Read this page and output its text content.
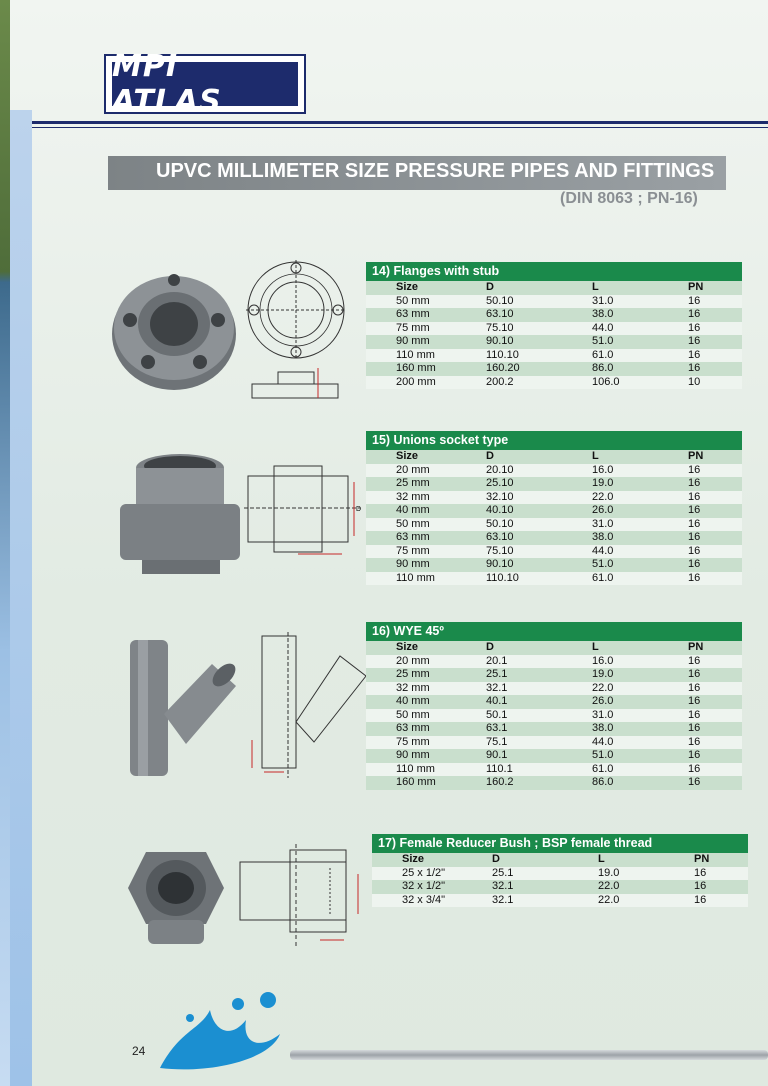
MPI ATLAS
UPVC MILLIMETER SIZE PRESSURE PIPES AND FITTINGS
(DIN 8063 ; PN-16)
14) Flanges with stub
Size	D	L	PN
50 mm	50.10	31.0	16
63 mm	63.10	38.0	16
75 mm	75.10	44.0	16
90 mm	90.10	51.0	16
110 mm	110.10	61.0	16
160 mm	160.20	86.0	16
200 mm	200.2	106.0	10
D
15) Unions socket type
Size	D	L	PN
20 mm	20.10	16.0	16
25 mm	25.10	19.0	16
32 mm	32.10	22.0	16
40 mm	40.10	26.0	16
50 mm	50.10	31.0	16
63 mm	63.10	38.0	16
75 mm	75.10	44.0	16
90 mm	90.10	51.0	16
110 mm	110.10	61.0	16
16) WYE 45º
Size	D	L	PN
20 mm	20.1	16.0	16
25 mm	25.1	19.0	16
32 mm	32.1	22.0	16
40 mm	40.1	26.0	16
50 mm	50.1	31.0	16
63 mm	63.1	38.0	16
75 mm	75.1	44.0	16
90 mm	90.1	51.0	16
110 mm	110.1	61.0	16
160 mm	160.2	86.0	16
17) Female Reducer Bush ; BSP female thread
Size	D	L	PN
25 x 1/2"	25.1	19.0	16
32 x 1/2"	32.1	22.0	16
32 x 3/4"	32.1	22.0	16
24
